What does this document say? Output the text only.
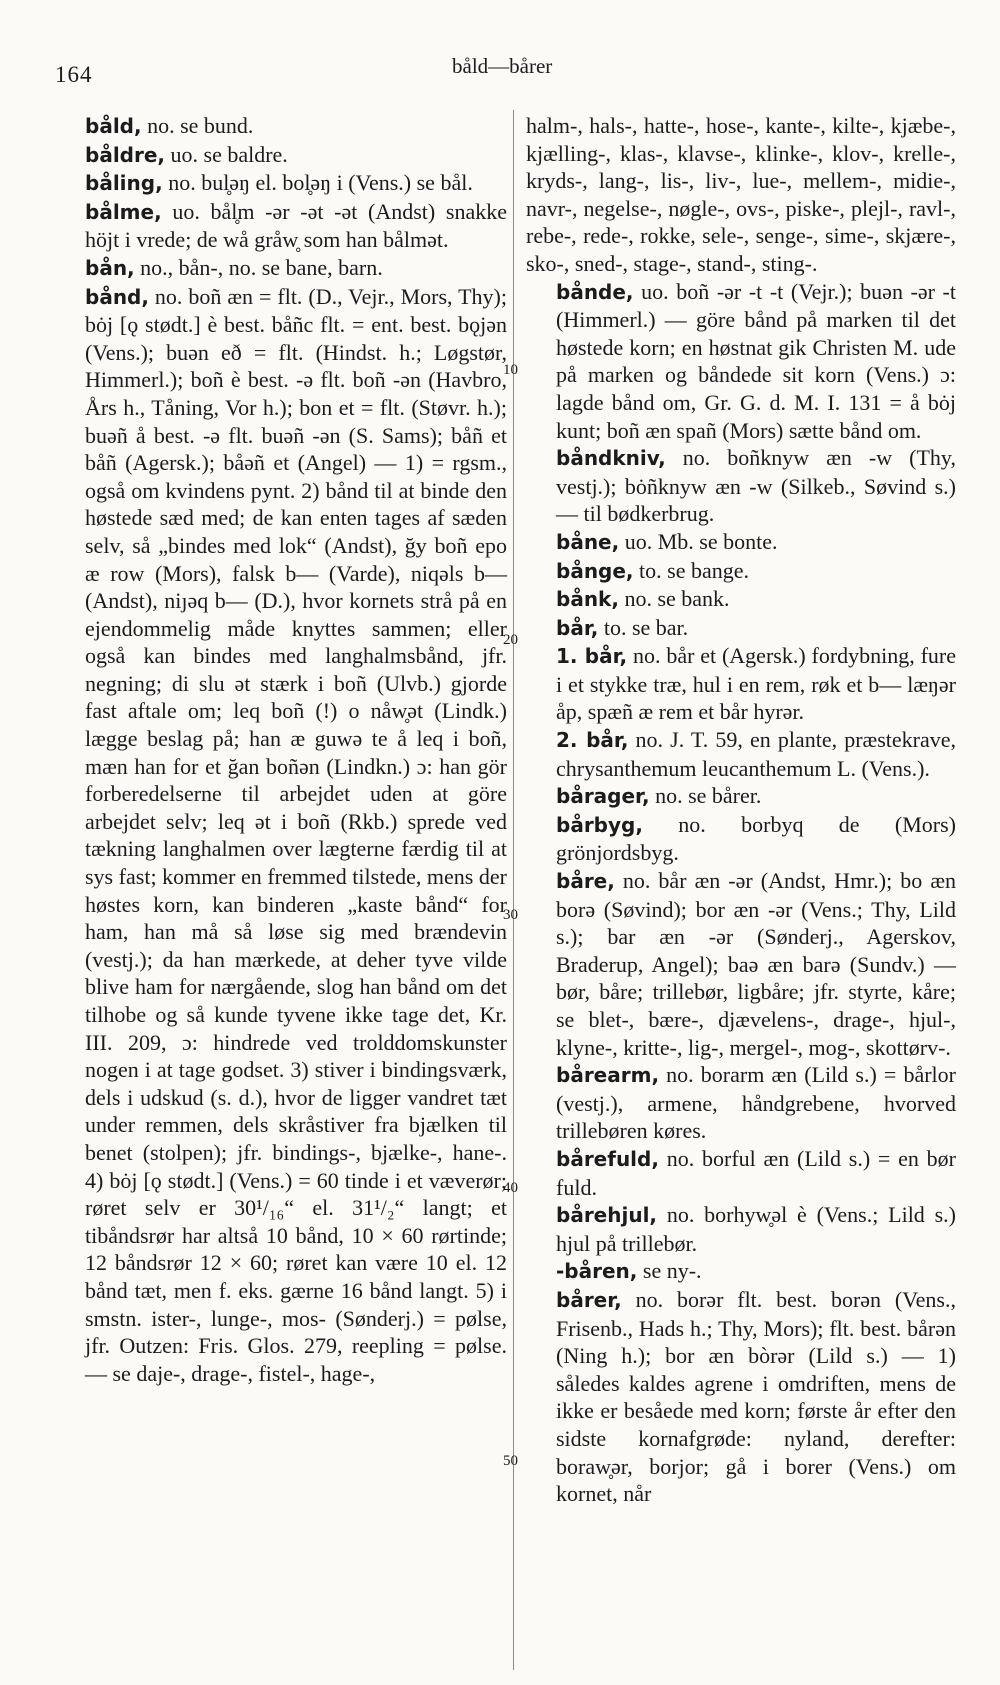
164	båld—bårer

båld, no. se bund.

båldre, uo. se baldre.

båling, no. bul̥əŋ el. bol̥əŋ i (Vens.) se bål.

bålme, uo. bål̥m -ər -ət -ət (Andst) snakke höjt i vrede; de wå gråw̥ som han bålmət.

bån, no., bån-, no. se bane, barn.

bånd, no. boñ æn = flt. (D., Vejr., Mors, Thy); bȯj [ǫ stødt.] è best. båñc flt. = ent. best. bǫjən (Vens.); buən eð = flt. (Hindst. h.; Løgstør, Himmerl.); boñ è best. -ə flt. boñ -ən (Havbro, Års h., Tåning, Vor h.); bon et = flt. (Støvr. h.); buəñ å best. -ə flt. buəñ -ən (S. Sams); båñ et båñ (Agersk.); båəñ et (Angel) — 1) = rgsm., også om kvindens pynt. 2) bånd til at binde den høstede sæd med; de kan enten tages af sæden selv, så „bindes med lok“ (Andst), ğy boñ epo æ row (Mors), falsk b— (Varde), niqəls b— (Andst), niȷəq b— (D.), hvor kornets strå på en ejendommelig måde knyttes sammen; eller også kan bindes med langhalmsbånd, jfr. negning; di slu ət stærk i boñ (Ulvb.) gjorde fast aftale om; leq boñ (!) o nåw̥ət (Lindk.) lægge beslag på; han æ guwə te å leq i boñ, mæn han for et ğan boñən (Lindkn.) ɔ: han gör forberedelserne til arbejdet uden at göre arbejdet selv; leq ət i boñ (Rkb.) sprede ved tækning langhalmen over lægterne færdig til at sys fast; kommer en fremmed tilstede, mens der høstes korn, kan binderen „kaste bånd“ for ham, han må så løse sig med brændevin (vestj.); da han mærkede, at deher tyve vilde blive ham for nærgående, slog han bånd om det tilhobe og så kunde tyvene ikke tage det, Kr. III. 209, ɔ: hindrede ved trolddomskunster nogen i at tage godset. 3) stiver i bindingsværk, dels i udskud (s. d.), hvor de ligger vandret tæt under remmen, dels skråstiver fra bjælken til benet (stolpen); jfr. bindings-, bjælke-, hane-. 4) bȯj [ǫ stødt.] (Vens.) = 60 tinde i et væverør; røret selv er 30¹/₁₆“ el. 31¹/₂“ langt; et tibåndsrør har altså 10 bånd, 10 × 60 rørtinde; 12 båndsrør 12 × 60; røret kan være 10 el. 12 bånd tæt, men f. eks. gærne 16 bånd langt. 5) i smstn. ister-, lunge-, mos- (Sønderj.) = pølse, jfr. Outzen: Fris. Glos. 279, reepling = pølse. — se daje-, drage-, fistel-, hage-,

halm-, hals-, hatte-, hose-, kante-, kilte-, kjæbe-, kjælling-, klas-, klavse-, klinke-, klov-, krelle-, kryds-, lang-, lis-, liv-, lue-, mellem-, midie-, navr-, negelse-, nøgle-, ovs-, piske-, plejl-, ravl-, rebe-, rede-, rokke, sele-, senge-, sime-, skjære-, sko-, sned-, stage-, stand-, sting-.

bånde, uo. boñ -ər -t -t (Vejr.); buən -ər -t (Himmerl.) — göre bånd på marken til det høstede korn; en høstnat gik Christen M. ude på marken og båndede sit korn (Vens.) ɔ: lagde bånd om, Gr. G. d. M. I. 131 = å bȯj kunt; boñ æn spañ (Mors) sætte bånd om.

båndkniv, no. boñknyw æn -w (Thy, vestj.); bȯñknyw æn -w (Silkeb., Søvind s.) — til bødkerbrug.

båne, uo. Mb. se bonte.

bånge, to. se bange.

bånk, no. se bank.

bår, to. se bar.

1. bår, no. bår et (Agersk.) fordybning, fure i et stykke træ, hul i en rem, røk et b— læŋər åp, spæñ æ rem et bår hyrər.

2. bår, no. J. T. 59, en plante, præstekrave, chrysanthemum leucanthemum L. (Vens.).

bårager, no. se bårer.

bårbyg, no. borbyq de (Mors) grönjordsbyg.

båre, no. bår æn -ər (Andst, Hmr.); bo æn borə (Søvind); bor æn -ər (Vens.; Thy, Lild s.); bar æn -ər (Sønderj., Agerskov, Braderup, Angel); baə æn barə (Sundv.) — bør, båre; trillebør, ligbåre; jfr. styrte, kåre; se blet-, bære-, djævelens-, drage-, hjul-, klyne-, kritte-, lig-, mergel-, mog-, skottørv-.

bårearm, no. borarm æn (Lild s.) = bårlor (vestj.), armene, håndgrebene, hvorved trillebøren køres.

bårefuld, no. borful æn (Lild s.) = en bør fuld.

bårehjul, no. borhyw̥əl è (Vens.; Lild s.) hjul på trillebør.

-båren, se ny-.

bårer, no. borər flt. best. borən (Vens., Frisenb., Hads h.; Thy, Mors); flt. best. bårən (Ning h.); bor æn bòrər (Lild s.) — 1) således kaldes agrene i omdriften, mens de ikke er besåede med korn; første år efter den sidste kornafgrøde: nyland, derefter: boraw̥ər, borjor; gå i borer (Vens.) om kornet, når

10
20
30
40
50
